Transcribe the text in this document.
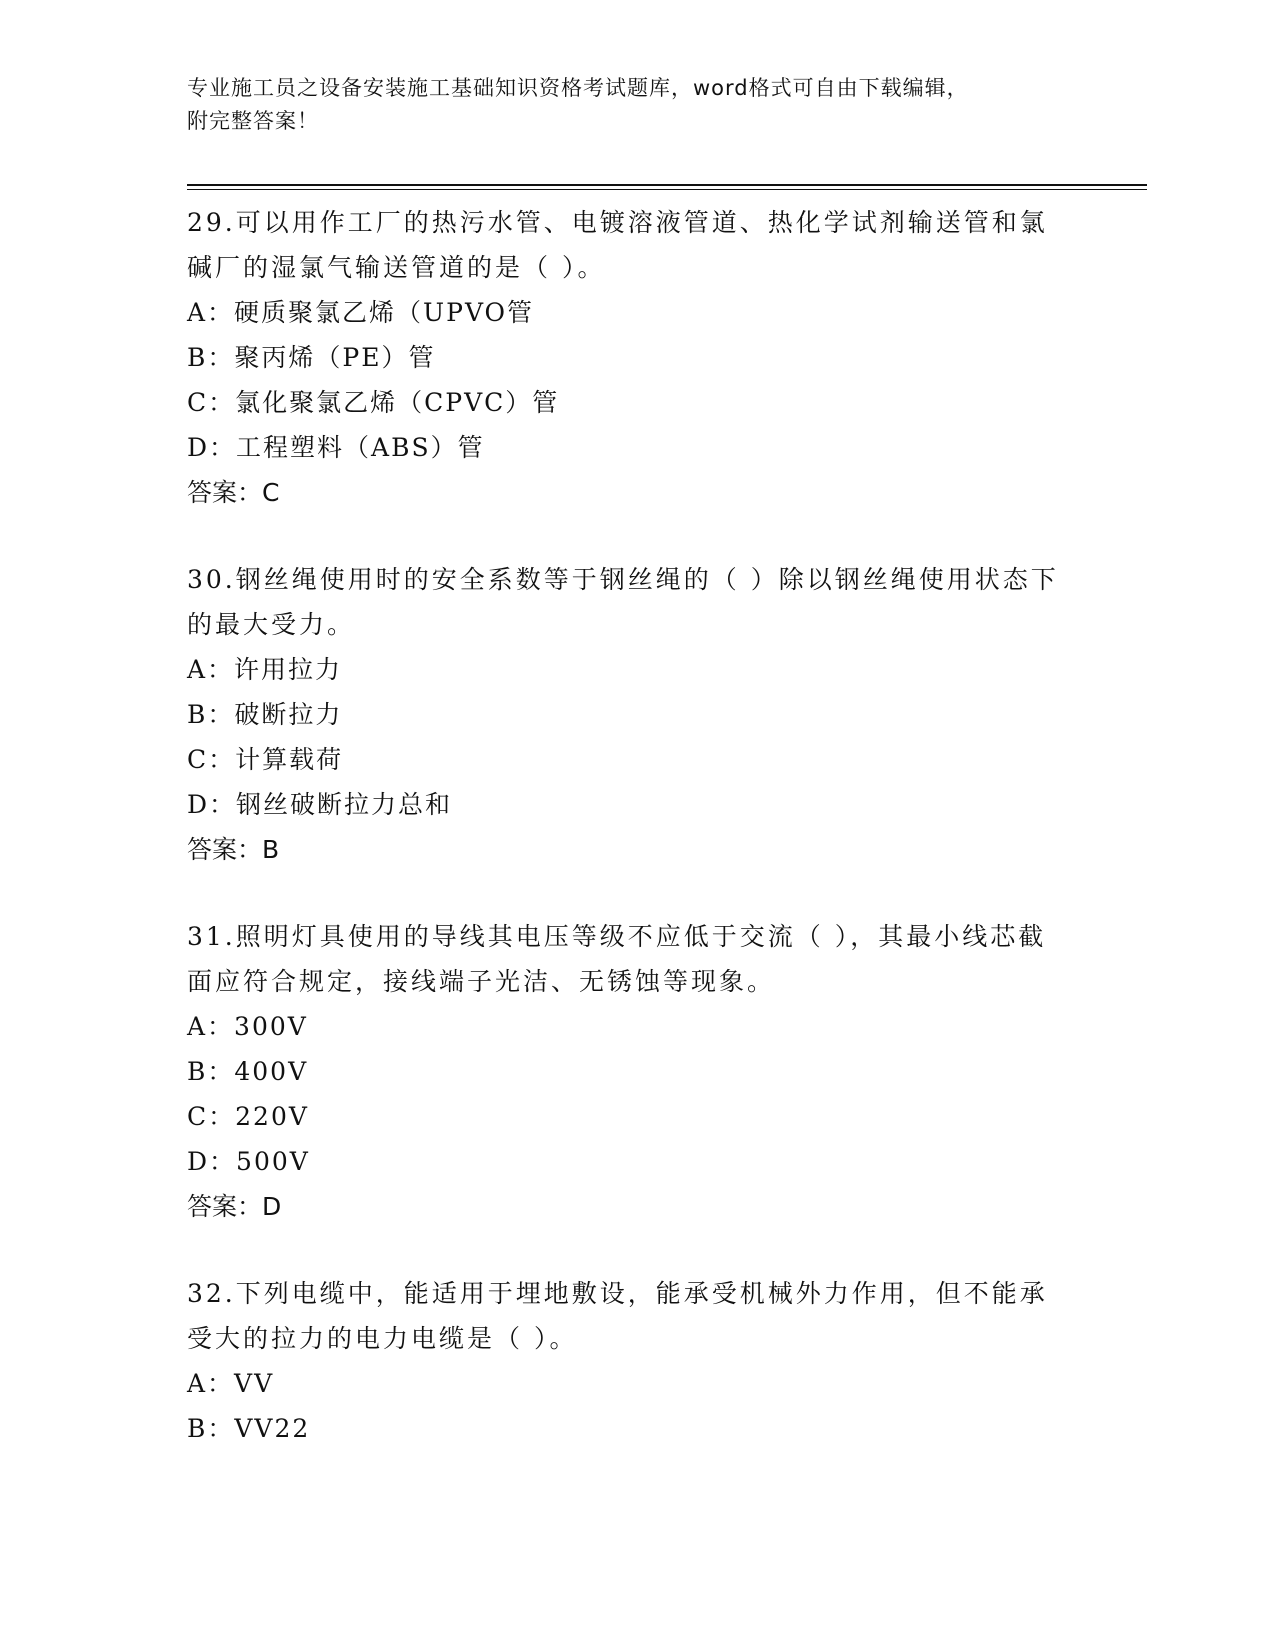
专业施工员之设备安装施工基础知识资格考试题库，word格式可自由下载编辑，

附完整答案！

29.可以用作工厂的热污水管、电镀溶液管道、热化学试剂输送管和氯碱厂的湿氯气输送管道的是（ ）。

A：硬质聚氯乙烯（UPVO管

B：聚丙烯（PE）管

C：氯化聚氯乙烯（CPVC）管

D：工程塑料（ABS）管

答案：C

30.钢丝绳使用时的安全系数等于钢丝绳的（ ）除以钢丝绳使用状态下的最大受力。

A：许用拉力

B：破断拉力

C：计算载荷

D：钢丝破断拉力总和

答案：B

31.照明灯具使用的导线其电压等级不应低于交流（ ），其最小线芯截面应符合规定，接线端子光洁、无锈蚀等现象。

A：300V

B：400V

C：220V

D：500V

答案：D

32.下列电缆中，能适用于埋地敷设，能承受机械外力作用，但不能承受大的拉力的电力电缆是（ ）。

A：VV

B：VV22
